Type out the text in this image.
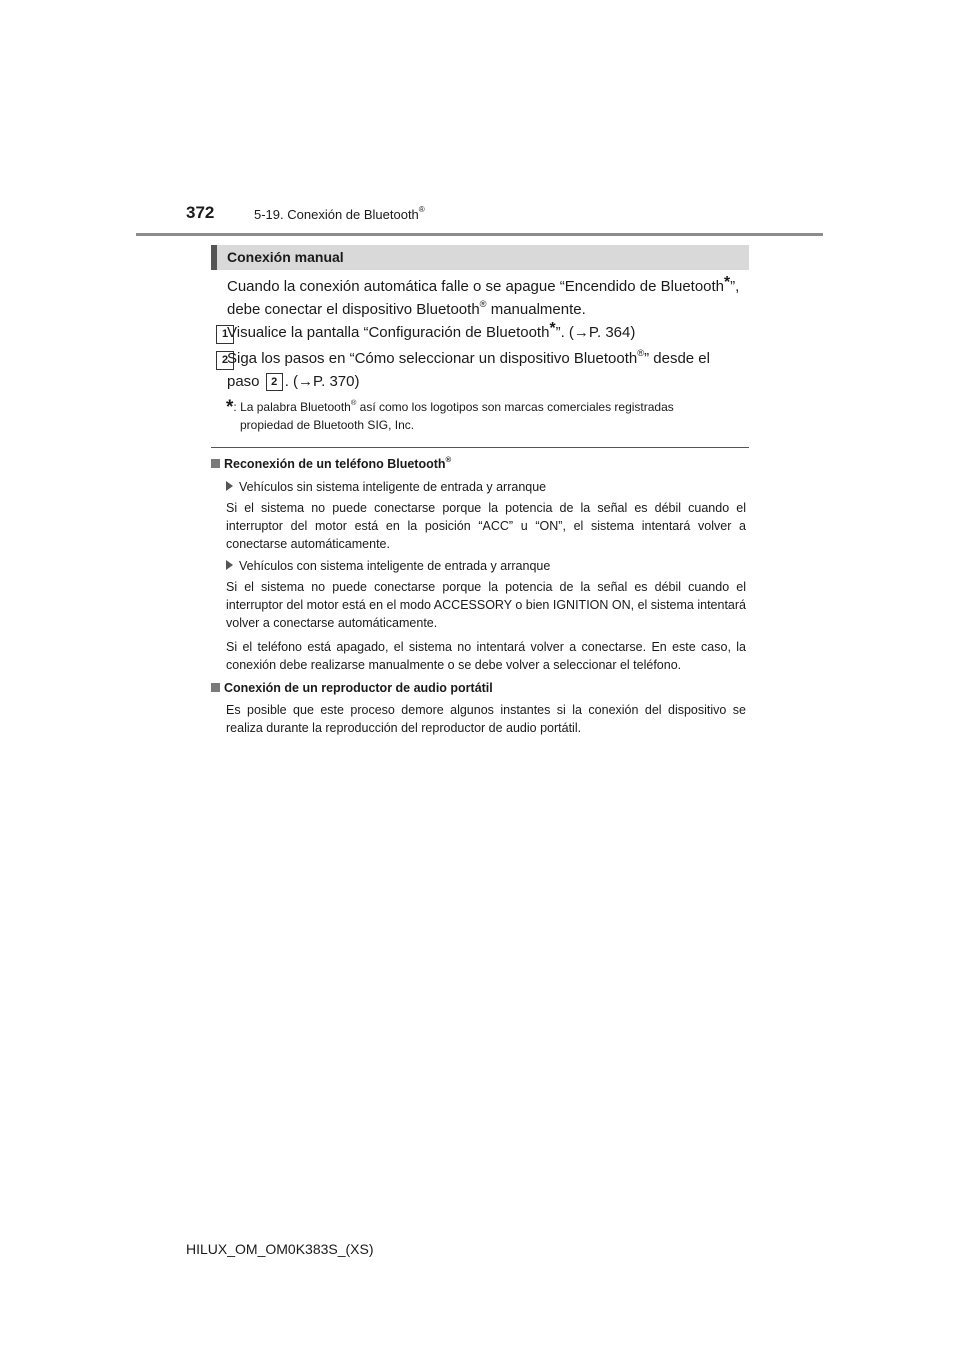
372	5-19. Conexión de Bluetooth®
Conexión manual
Cuando la conexión automática falle o se apague “Encendido de Bluetooth*”,
debe conectar el dispositivo Bluetooth® manualmente.
1
Visualice la pantalla “Configuración de Bluetooth*”. (→P. 364)
2
Siga los pasos en “Cómo seleccionar un dispositivo Bluetooth®” desde el
paso 2 . (→P. 370)
*: La palabra Bluetooth® así como los logotipos son marcas comerciales registradas
propiedad de Bluetooth SIG, Inc.
Reconexión de un teléfono Bluetooth®
Vehículos sin sistema inteligente de entrada y arranque
Si el sistema no puede conectarse porque la potencia de la señal es débil cuando el interruptor del motor está en la posición “ACC” u “ON”, el sistema intentará volver a conectarse automáticamente.
Vehículos con sistema inteligente de entrada y arranque
Si el sistema no puede conectarse porque la potencia de la señal es débil cuando el interruptor del motor está en el modo ACCESSORY o bien IGNITION ON, el sistema intentará volver a conectarse automáticamente.
Si el teléfono está apagado, el sistema no intentará volver a conectarse. En este caso, la conexión debe realizarse manualmente o se debe volver a seleccionar el teléfono.
Conexión de un reproductor de audio portátil
Es posible que este proceso demore algunos instantes si la conexión del dispositivo se realiza durante la reproducción del reproductor de audio portátil.
HILUX_OM_OM0K383S_(XS)
